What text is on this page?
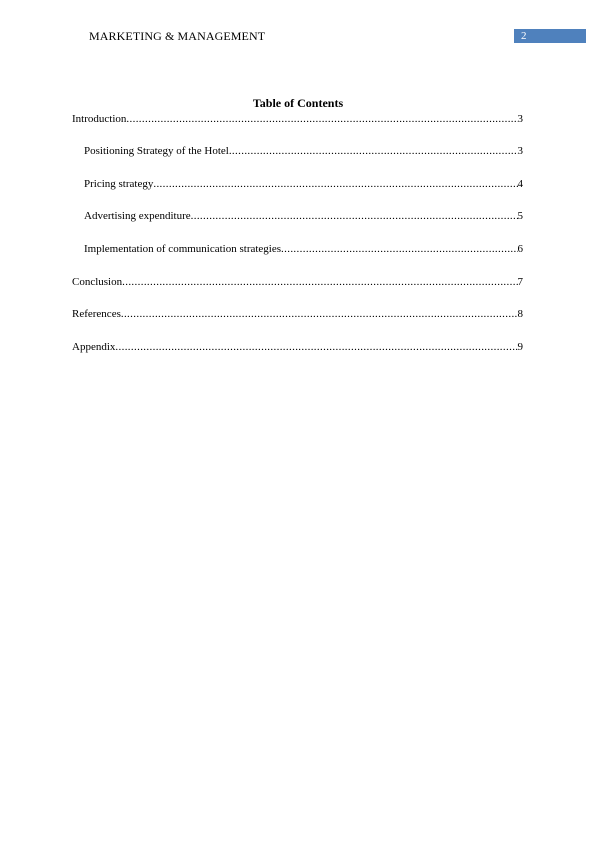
MARKETING & MANAGEMENT	2
Table of Contents
Introduction .....	3
Positioning Strategy of the Hotel .....	3
Pricing strategy .....	4
Advertising expenditure .....	5
Implementation of communication strategies .....	6
Conclusion .....	7
References .....	8
Appendix .....	9
